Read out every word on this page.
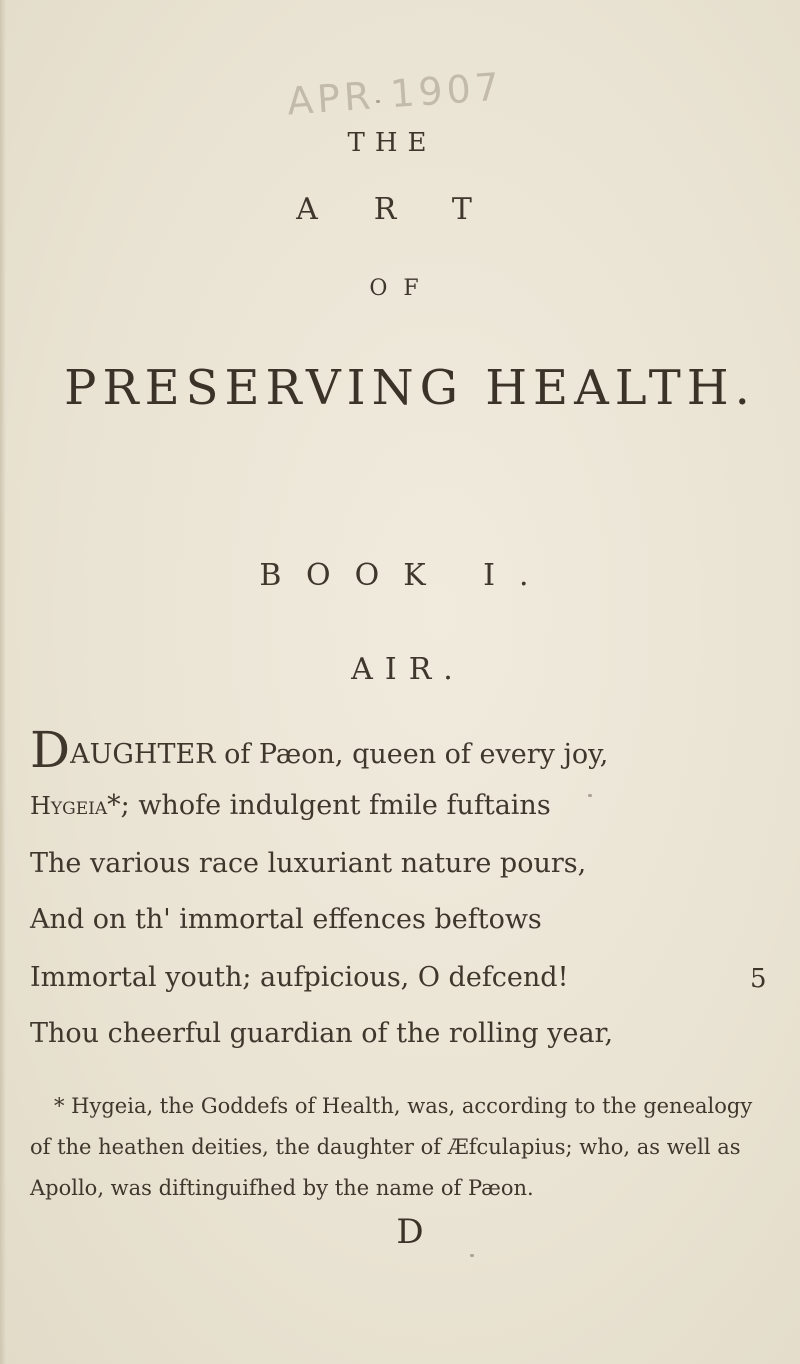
APR 1907
THE
ART
OF
PRESERVING HEALTH.
BOOK I.
AIR.
DAUGHTER of Pæon, queen of every joy,
Hygeia*; whofe indulgent fmile fuftains
The various race luxuriant nature pours,
And on th' immortal effences beftows
Immortal youth; aufpicious, O defcend!	5
Thou cheerful guardian of the rolling year,
* Hygeia, the Goddefs of Health, was, according to the genealogy of the heathen deities, the daughter of Æfculapius; who, as well as Apollo, was diftinguifhed by the name of Pæon.
D
